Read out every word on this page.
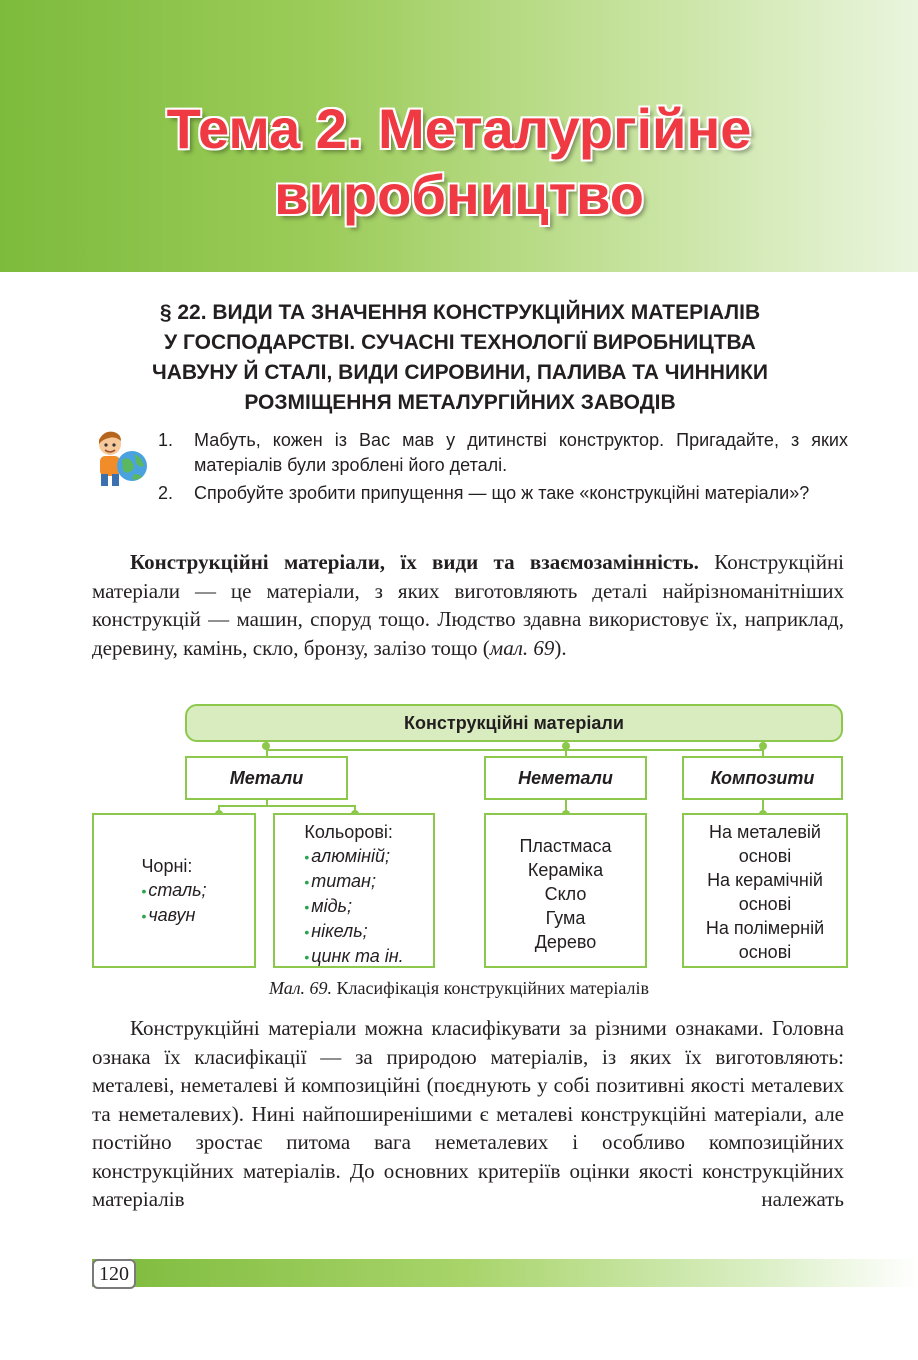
Тема 2. Металургійне
виробництво
§ 22. ВИДИ ТА ЗНАЧЕННЯ КОНСТРУКЦІЙНИХ МАТЕРІАЛІВ
У ГОСПОДАРСТВІ. СУЧАСНІ ТЕХНОЛОГІЇ ВИРОБНИЦТВА
ЧАВУНУ Й СТАЛІ, ВИДИ СИРОВИНИ, ПАЛИВА ТА ЧИННИКИ
РОЗМІЩЕННЯ МЕТАЛУРГІЙНИХ ЗАВОДІВ
1. Мабуть, кожен із Вас мав у дитинстві конструктор. Пригадайте, з яких матеріалів були зроблені його деталі.
2. Спробуйте зробити припущення — що ж таке «конструкційні матеріали»?

Конструкційні матеріали, їх види та взаємозамінність. Конструкційні матеріали — це матеріали, з яких виготовляють деталі найрізноманітніших конструкцій — машин, споруд тощо. Людство здавна використовує їх, наприклад, деревину, камінь, скло, бронзу, залізо тощо (мал. 69).

Конструкційні матеріали
Метали	Неметали	Композити
Чорні:
• сталь;
• чавун
Кольорові:
• алюміній;
• титан;
• мідь;
• нікель;
• цинк та ін.
Пластмаса
Кераміка
Скло
Гума
Дерево
На металевій
основі
На керамічній
основі
На полімерній
основі
Мал. 69. Класифікація конструкційних матеріалів

Конструкційні матеріали можна класифікувати за різними ознаками. Головна ознака їх класифікації — за природою матеріалів, із яких їх виготовляють: металеві, неметалеві й композиційні (поєднують у собі позитивні якості металевих та неметалевих). Нині найпоширенішими є металеві конструкційні матеріали, але постійно зростає питома вага неметалевих і особливо композиційних конструкційних матеріалів. До основних критеріїв оцінки якості конструкційних матеріалів належать

120
